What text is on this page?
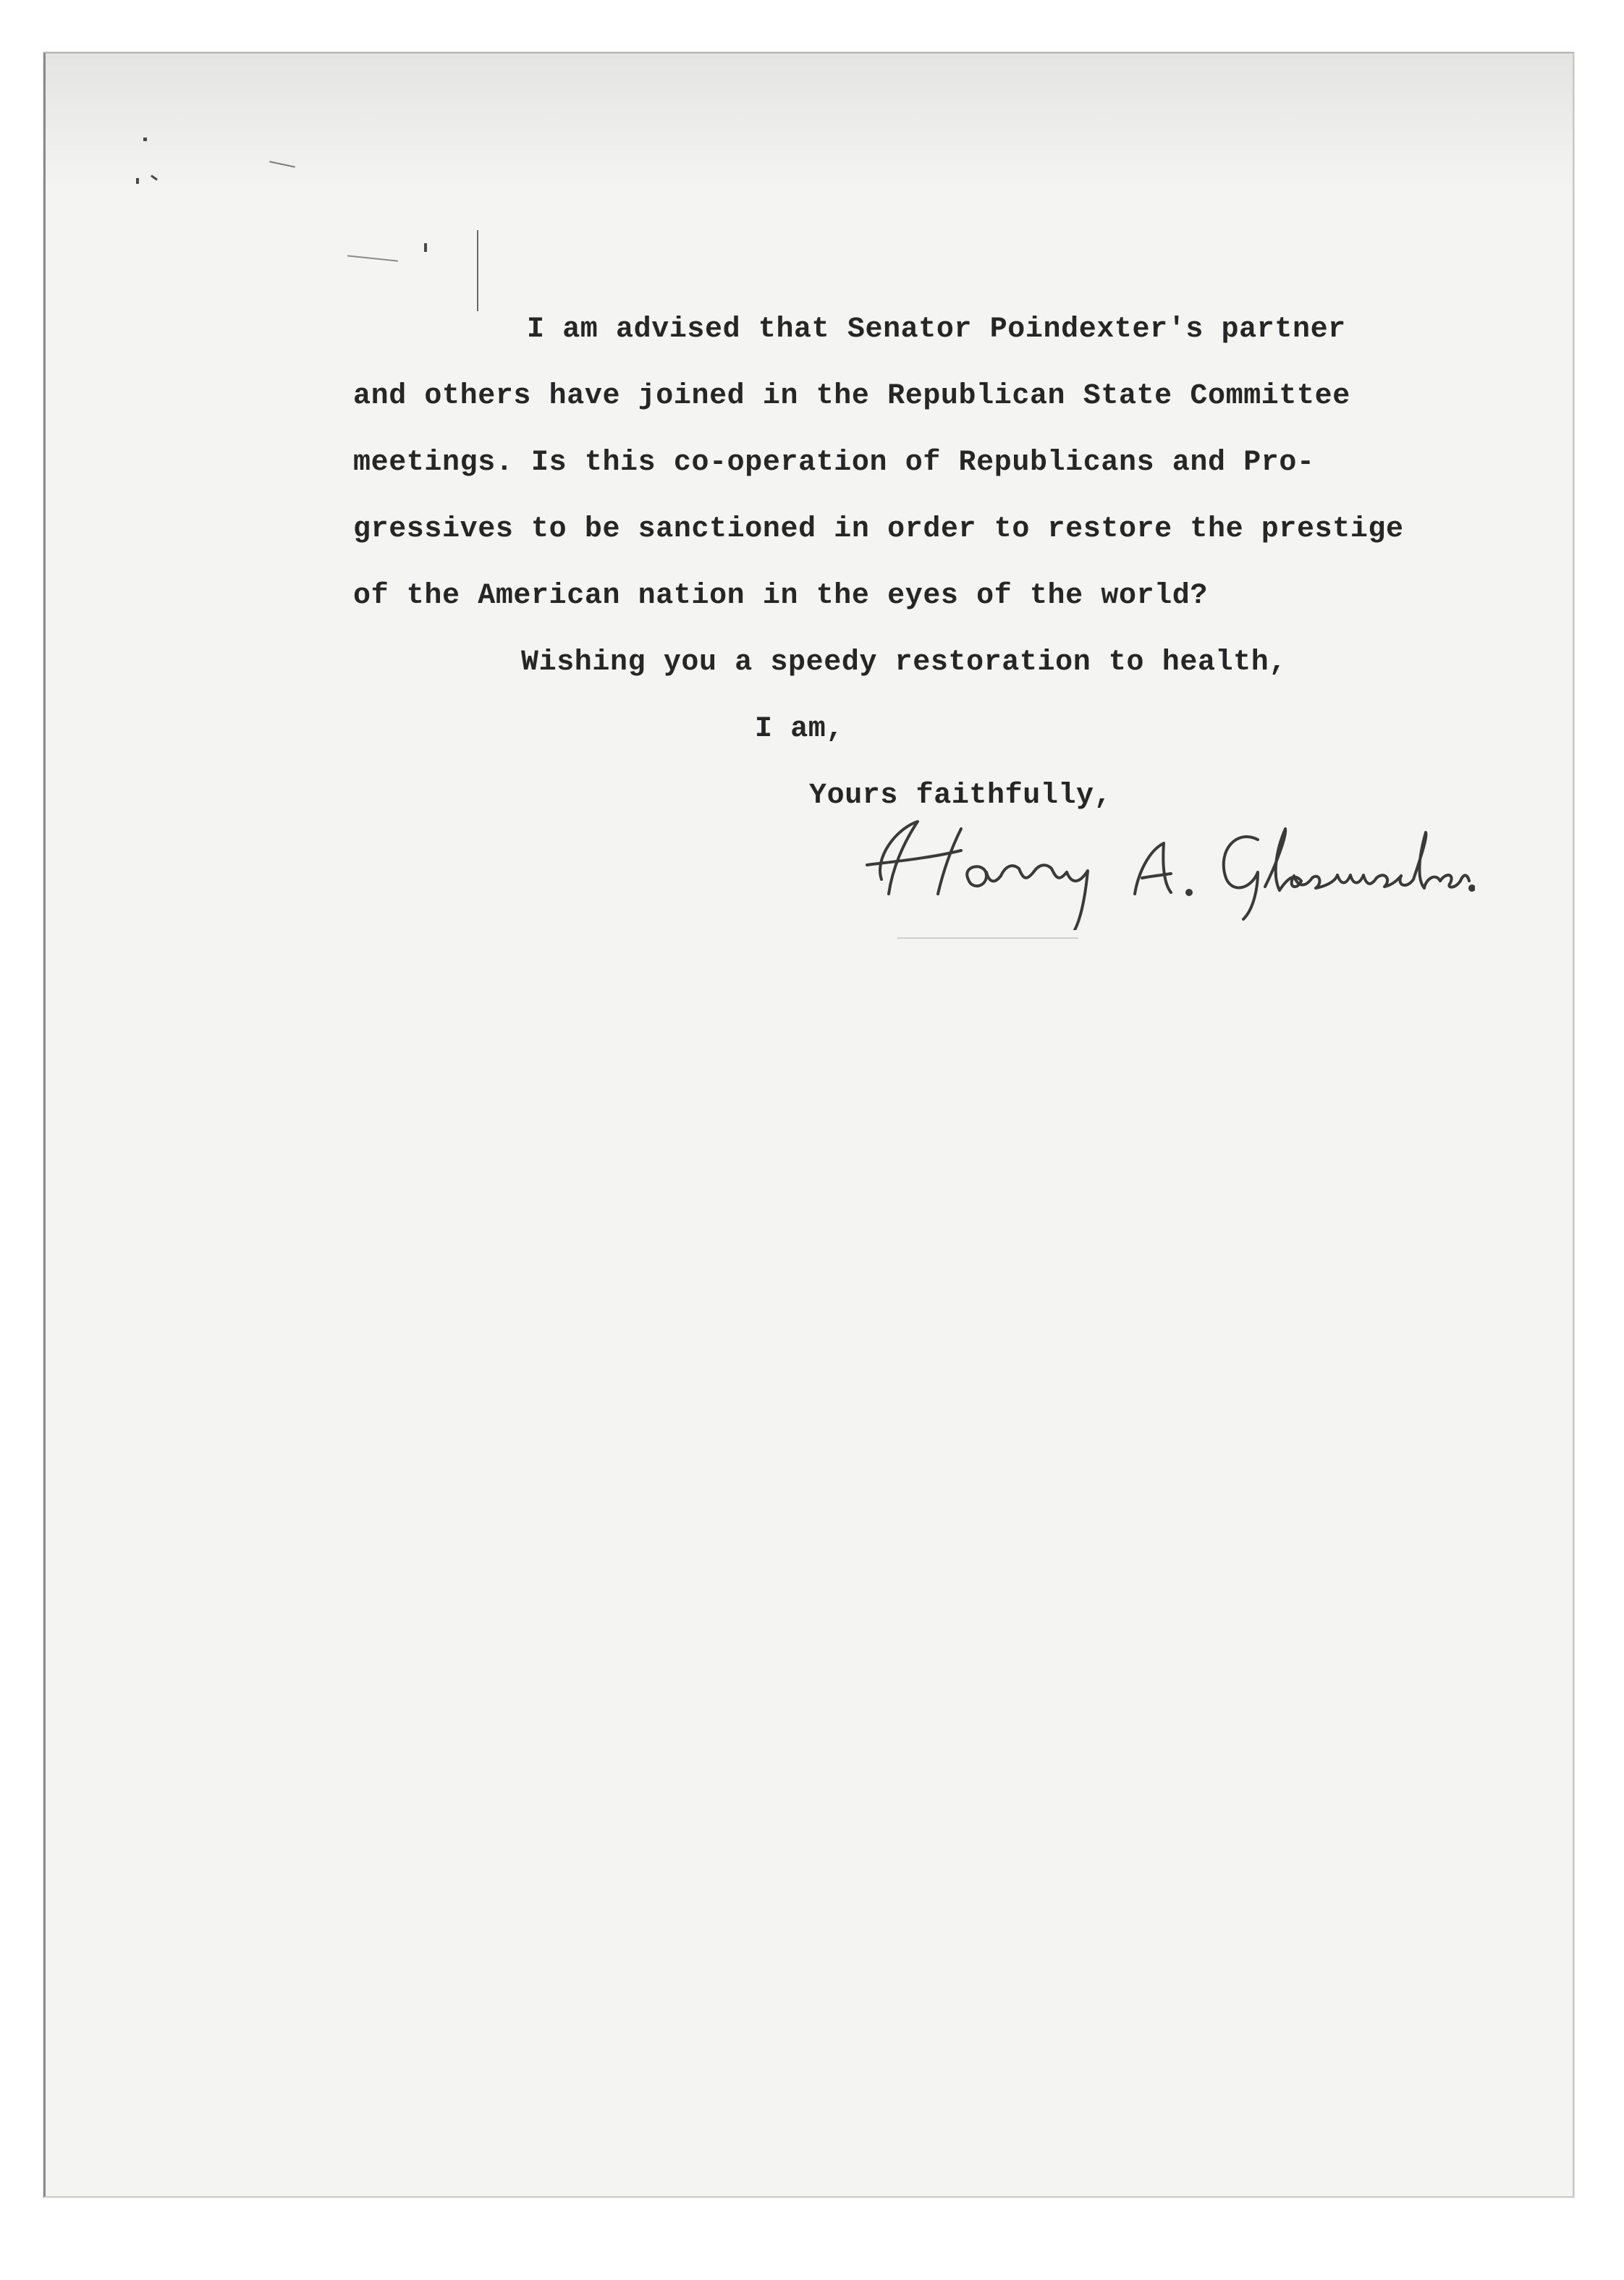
I am advised that Senator Poindexter's partner
and others have joined in the Republican State Committee
meetings. Is this co-operation of Republicans and Pro-
gressives to be sanctioned in order to restore the prestige
of the American nation in the eyes of the world?
Wishing you a speedy restoration to health,
I am,
Yours faithfully,
